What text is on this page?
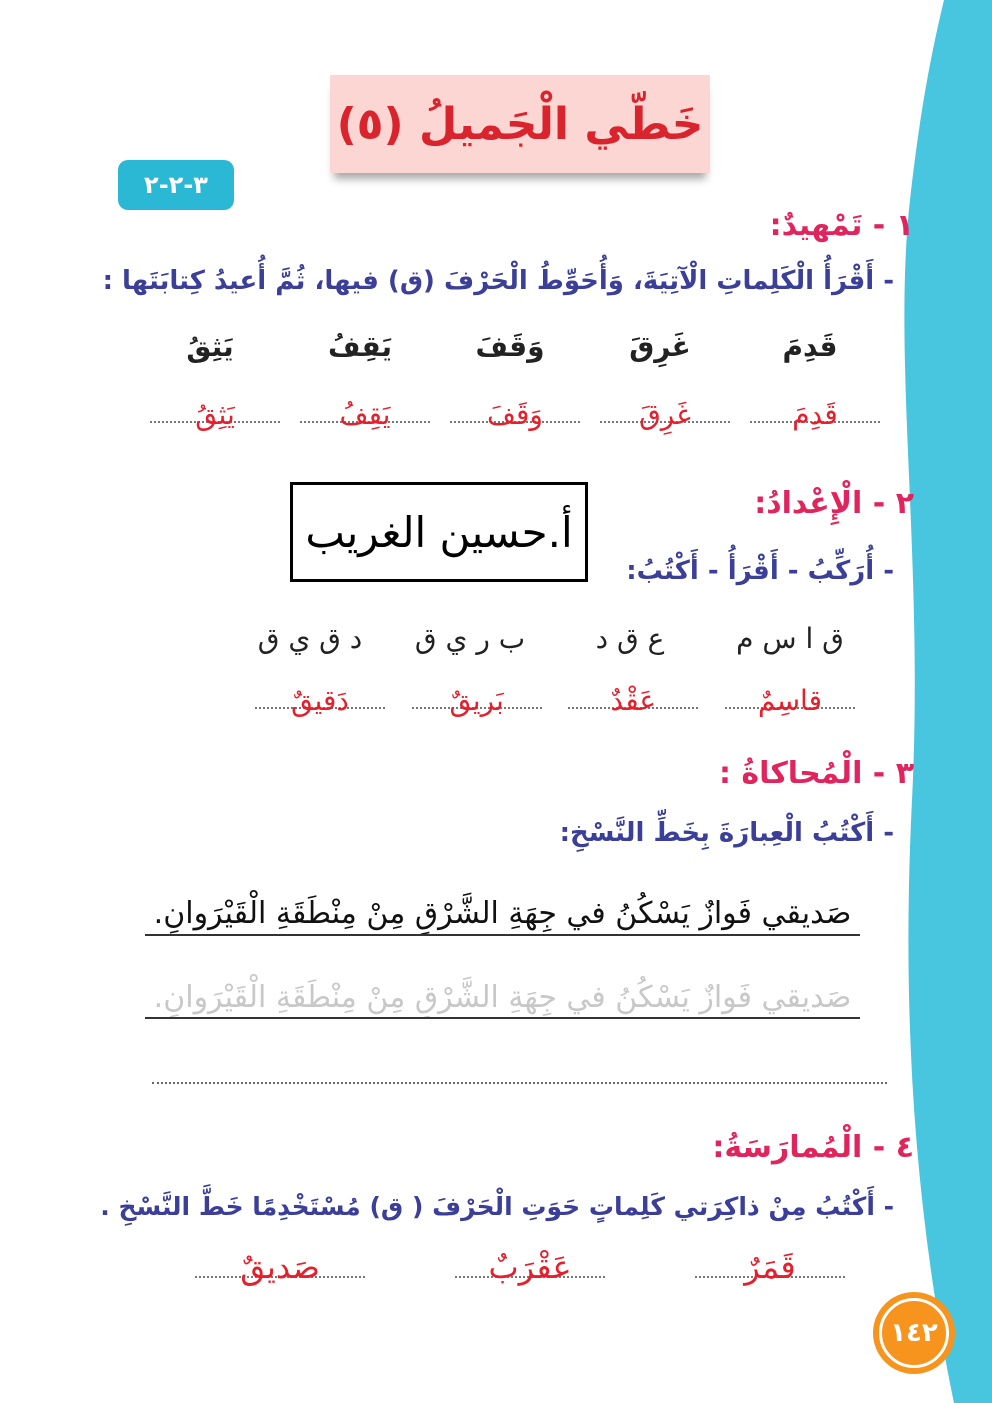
خَطّي الْجَميلُ (٥)
٣-٢-٢
١ - تَمْهيدٌ:
- أَقْرَأُ الْكَلِماتِ الْآتِيَةَ، وَأُحَوِّطُ الْحَرْفَ (ق) فيها، ثُمَّ أُعيدُ كِتابَتَها :
قَدِمَ
غَرِقَ
وَقَفَ
يَقِفُ
يَثِقُ
قَدِمَ
غَرِقَ
وَقَفَ
يَقِفُ
يَثِقُ
٢ - الْإِعْدادُ:
أ.حسين الغريب
- أُرَكِّبُ - أَقْرَأُ - أَكْتُبُ:
ق ا س م
ع ق د
ب ر ي ق
د ق ي ق
قاسِمٌ
عَقْدٌ
بَريقٌ
دَقيقٌ
٣ - الْمُحاكاةُ :
- أَكْتُبُ الْعِبارَةَ بِخَطِّ النَّسْخِ:
صَديقي فَوازٌ يَسْكُنُ في جِهَةِ الشَّرْقِ مِنْ مِنْطَقَةِ الْقَيْرَوانِ.
صَديقي فَوازٌ يَسْكُنُ في جِهَةِ الشَّرْقِ مِنْ مِنْطَقَةِ الْقَيْرَوانِ.
٤ - الْمُمارَسَةُ:
- أَكْتُبُ مِنْ ذاكِرَتي كَلِماتٍ حَوَتِ الْحَرْفَ ( ق) مُسْتَخْدِمًا خَطَّ النَّسْخِ .
قَمَرٌ
عَقْرَبٌ
صَديقٌ
١٤٢
